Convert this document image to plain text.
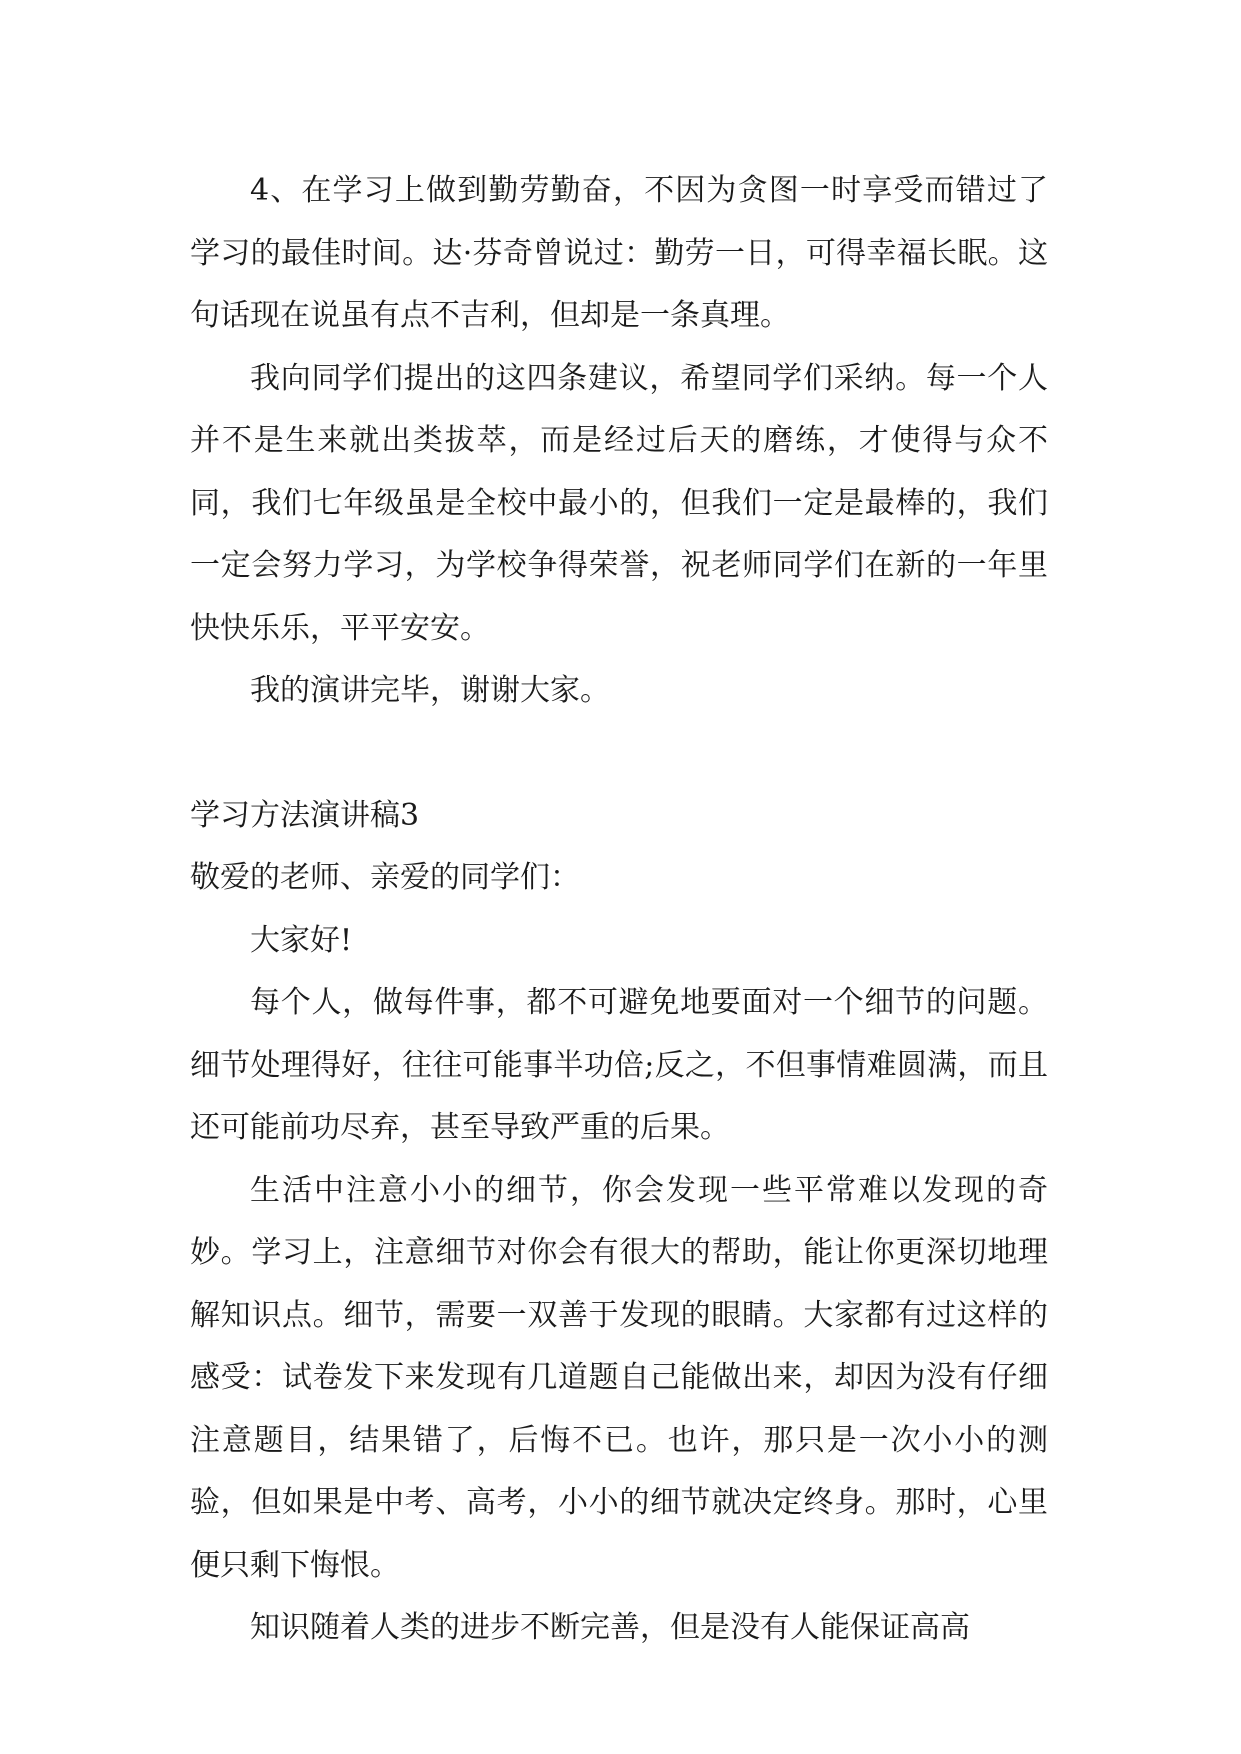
4、在学习上做到勤劳勤奋，不因为贪图一时享受而错过了学习的最佳时间。达·芬奇曾说过：勤劳一日，可得幸福长眠。这句话现在说虽有点不吉利，但却是一条真理。

我向同学们提出的这四条建议，希望同学们采纳。每一个人并不是生来就出类拔萃，而是经过后天的磨练，才使得与众不同，我们七年级虽是全校中最小的，但我们一定是最棒的，我们一定会努力学习，为学校争得荣誉，祝老师同学们在新的一年里快快乐乐，平平安安。

我的演讲完毕，谢谢大家。

学习方法演讲稿3

敬爱的老师、亲爱的同学们：

大家好!

每个人，做每件事，都不可避免地要面对一个细节的问题。细节处理得好，往往可能事半功倍;反之，不但事情难圆满，而且还可能前功尽弃，甚至导致严重的后果。

生活中注意小小的细节，你会发现一些平常难以发现的奇妙。学习上，注意细节对你会有很大的帮助，能让你更深切地理解知识点。细节，需要一双善于发现的眼睛。大家都有过这样的感受：试卷发下来发现有几道题自己能做出来，却因为没有仔细注意题目，结果错了，后悔不已。也许，那只是一次小小的测验，但如果是中考、高考，小小的细节就决定终身。那时，心里便只剩下悔恨。

知识随着人类的进步不断完善，但是没有人能保证高高
